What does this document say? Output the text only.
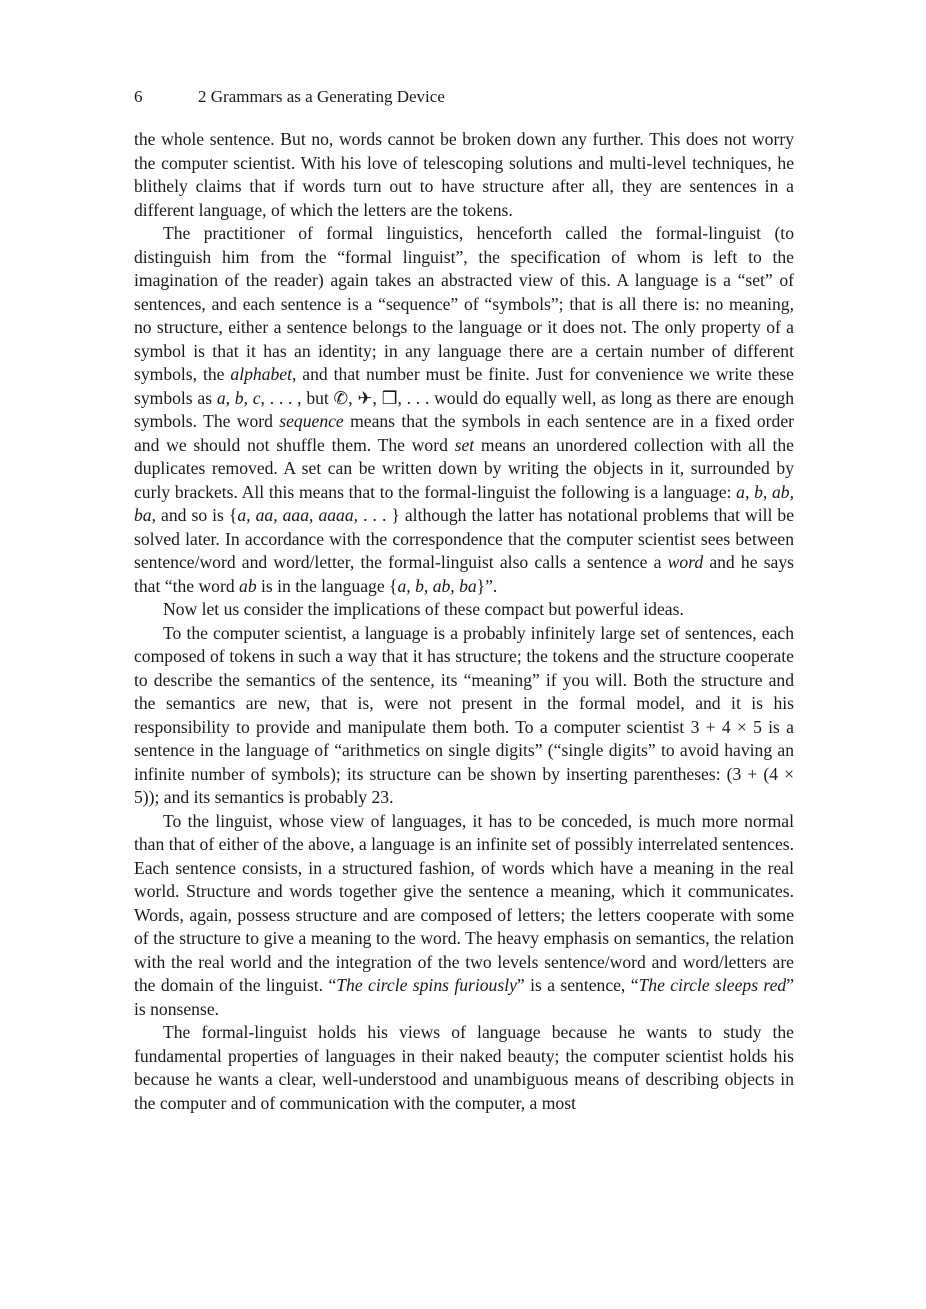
6	2 Grammars as a Generating Device

the whole sentence. But no, words cannot be broken down any further. This does not worry the computer scientist. With his love of telescoping solutions and multi-level techniques, he blithely claims that if words turn out to have structure after all, they are sentences in a different language, of which the letters are the tokens.

The practitioner of formal linguistics, henceforth called the formal-linguist (to distinguish him from the “formal linguist”, the specification of whom is left to the imagination of the reader) again takes an abstracted view of this. A language is a “set” of sentences, and each sentence is a “sequence” of “symbols”; that is all there is: no meaning, no structure, either a sentence belongs to the language or it does not. The only property of a symbol is that it has an identity; in any language there are a certain number of different symbols, the alphabet, and that number must be finite. Just for convenience we write these symbols as a, b, c, . . . , but ✆, ✈, ❒, . . . would do equally well, as long as there are enough symbols. The word sequence means that the symbols in each sentence are in a fixed order and we should not shuffle them. The word set means an unordered collection with all the duplicates removed. A set can be written down by writing the objects in it, surrounded by curly brackets. All this means that to the formal-linguist the following is a language: a, b, ab, ba, and so is {a, aa, aaa, aaaa, . . . } although the latter has notational problems that will be solved later. In accordance with the correspondence that the computer scientist sees between sentence/word and word/letter, the formal-linguist also calls a sentence a word and he says that “the word ab is in the language {a, b, ab, ba}”.

Now let us consider the implications of these compact but powerful ideas.

To the computer scientist, a language is a probably infinitely large set of sentences, each composed of tokens in such a way that it has structure; the tokens and the structure cooperate to describe the semantics of the sentence, its “meaning” if you will. Both the structure and the semantics are new, that is, were not present in the formal model, and it is his responsibility to provide and manipulate them both. To a computer scientist 3 + 4 × 5 is a sentence in the language of “arithmetics on single digits” (“single digits” to avoid having an infinite number of symbols); its structure can be shown by inserting parentheses: (3 + (4 × 5)); and its semantics is probably 23.

To the linguist, whose view of languages, it has to be conceded, is much more normal than that of either of the above, a language is an infinite set of possibly interrelated sentences. Each sentence consists, in a structured fashion, of words which have a meaning in the real world. Structure and words together give the sentence a meaning, which it communicates. Words, again, possess structure and are composed of letters; the letters cooperate with some of the structure to give a meaning to the word. The heavy emphasis on semantics, the relation with the real world and the integration of the two levels sentence/word and word/letters are the domain of the linguist. “The circle spins furiously” is a sentence, “The circle sleeps red” is nonsense.

The formal-linguist holds his views of language because he wants to study the fundamental properties of languages in their naked beauty; the computer scientist holds his because he wants a clear, well-understood and unambiguous means of describing objects in the computer and of communication with the computer, a most
